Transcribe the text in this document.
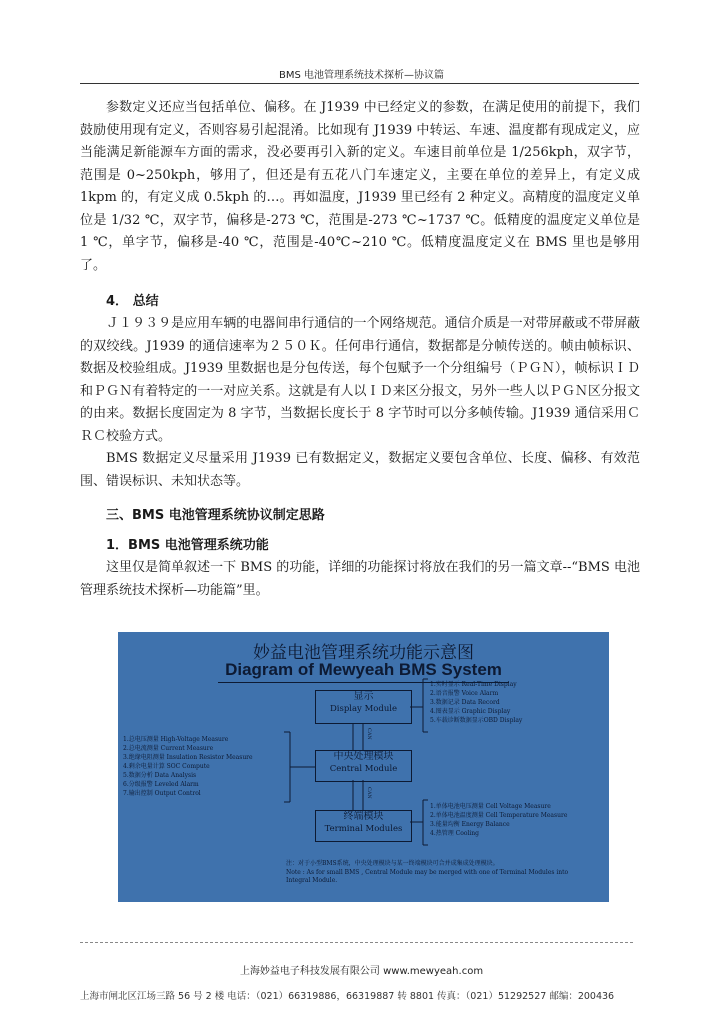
BMS 电池管理系统技术探析—协议篇

参数定义还应当包括单位、偏移。在 J1939 中已经定义的参数，在满足使用的前提下，我们鼓励使用现有定义，否则容易引起混淆。比如现有 J1939 中转运、车速、温度都有现成定义，应当能满足新能源车方面的需求，没必要再引入新的定义。车速目前单位是 1/256kph，双字节，范围是 0~250kph，够用了，但还是有五花八门车速定义，主要在单位的差异上，有定义成 1kpm 的，有定义成 0.5kph 的…。再如温度，J1939 里已经有 2 种定义。高精度的温度定义单位是 1/32 ℃，双字节，偏移是-273 ℃，范围是-273 ℃~1737 ℃。低精度的温度定义单位是 1 ℃，单字节，偏移是-40 ℃，范围是-40℃~210 ℃。低精度温度定义在 BMS 里也是够用了。

4． 总结

Ｊ１９３９是应用车辆的电器间串行通信的一个网络规范。通信介质是一对带屏蔽或不带屏蔽的双绞线。J1939 的通信速率为２５０Ｋ。任何串行通信，数据都是分帧传送的。帧由帧标识、数据及校验组成。J1939 里数据也是分包传送，每个包赋予一个分组编号（ＰＧＮ），帧标识ＩＤ和ＰＧＮ有着特定的一一对应关系。这就是有人以ＩＤ来区分报文，另外一些人以ＰＧＮ区分报文的由来。数据长度固定为 8 字节，当数据长度长于 8 字节时可以分多帧传输。J1939 通信采用ＣＲＣ校验方式。

BMS 数据定义尽量采用 J1939 已有数据定义，数据定义要包含单位、长度、偏移、有效范围、错误标识、未知状态等。

三、BMS 电池管理系统协议制定思路

1．BMS 电池管理系统功能

这里仅是简单叙述一下 BMS 的功能，详细的功能探讨将放在我们的另一篇文章--“BMS 电池管理系统技术探析—功能篇”里。

妙益电池管理系统功能示意图
Diagram of Mewyeah BMS System
显示
Display Module
中央处理模块
Central Module
终端模块
Terminal Modules
CAN
CAN
1.实时显示 Real-Time Display
2.语音报警 Voice Alarm
3.数据记录 Data Record
4.图表显示 Graphic Display
5.车载诊断数据显示OBD Display
1.总电压测量 High-Voltage Measure
2.总电流测量 Current Measure
3.绝缘电阻测量 Insulation Resistor Measure
4.剩余电量计算 SOC Compute
5.数据分析 Data Analysis
6.分级报警 Leveled Alarm
7.输出控制 Output Control
1.单体电池电压测量 Cell Voltage Measure
2.单体电池温度测量 Cell Temperature Measure
3.能量均衡 Energy Balance
4.热管理 Cooling
注：对于小型BMS系统，中央处理模块与某一终端模块可合并成集成处理模块。
Note : As for small BMS , Central Module may be merged with one of Terminal Modules into Integral Module.
上海妙益电子科技发展有限公司 www.mewyeah.com
上海市闸北区江场三路 56 号 2 楼 电话：（021）66319886，66319887 转 8801 传真：（021）51292527 邮编：200436
